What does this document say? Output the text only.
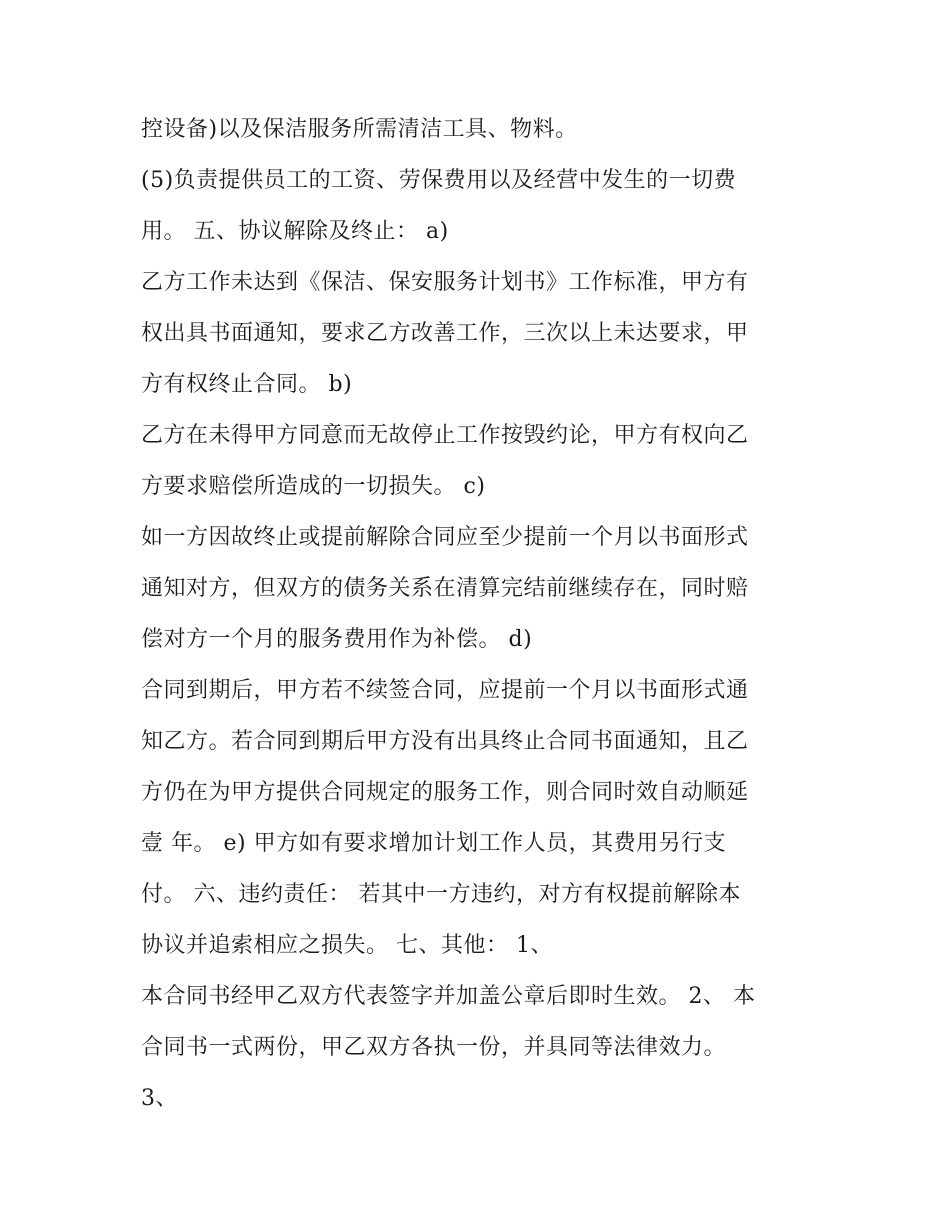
控设备)以及保洁服务所需清洁工具、物料。
(5)负责提供员工的工资、劳保费用以及经营中发生的一切费
用。 五、协议解除及终止： a)
乙方工作未达到《保洁、保安服务计划书》工作标准，甲方有
权出具书面通知，要求乙方改善工作，三次以上未达要求，甲
方有权终止合同。 b)
乙方在未得甲方同意而无故停止工作按毁约论，甲方有权向乙
方要求赔偿所造成的一切损失。 c)
如一方因故终止或提前解除合同应至少提前一个月以书面形式
通知对方，但双方的债务关系在清算完结前继续存在，同时赔
偿对方一个月的服务费用作为补偿。 d)
合同到期后，甲方若不续签合同，应提前一个月以书面形式通
知乙方。若合同到期后甲方没有出具终止合同书面通知，且乙
方仍在为甲方提供合同规定的服务工作，则合同时效自动顺延
壹 年。 e) 甲方如有要求增加计划工作人员，其费用另行支
付。 六、违约责任： 若其中一方违约，对方有权提前解除本
协议并追索相应之损失。 七、其他： 1、
本合同书经甲乙双方代表签字并加盖公章后即时生效。 2、 本
合同书一式两份，甲乙双方各执一份，并具同等法律效力。
3、
